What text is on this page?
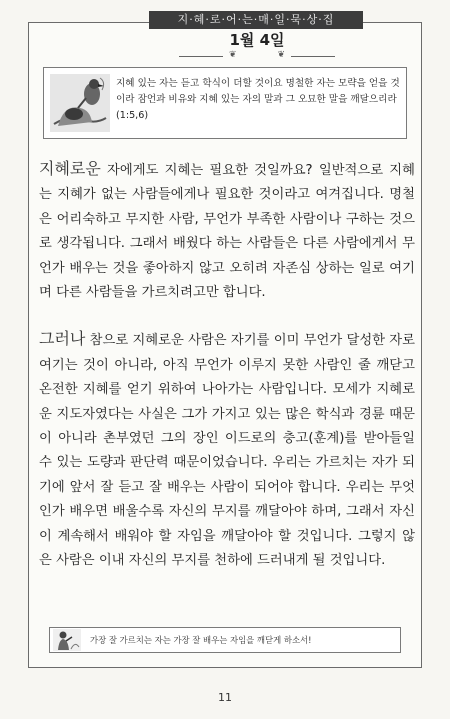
지·혜·로·어·는·매·일·묵·상·집
1월 4일
❦	❦
지혜 있는 자는 듣고 학식이 더할 것이요 명철한 자는 모략을 얻을 것이라 잠언과 비유와 지혜 있는 자의 말과 그 오묘한 말을 깨달으리라(1:5,6)

지혜로운 자에게도 지혜는 필요한 것일까요? 일반적으로 지혜는 지혜가 없는 사람들에게나 필요한 것이라고 여겨집니다. 명철은 어리숙하고 무지한 사람, 무언가 부족한 사람이나 구하는 것으로 생각됩니다. 그래서 배웠다 하는 사람들은 다른 사람에게서 무언가 배우는 것을 좋아하지 않고 오히려 자존심 상하는 일로 여기며 다른 사람들을 가르치려고만 합니다.

그러나 참으로 지혜로운 사람은 자기를 이미 무언가 달성한 자로 여기는 것이 아니라, 아직 무언가 이루지 못한 사람인 줄 깨닫고 온전한 지혜를 얻기 위하여 나아가는 사람입니다. 모세가 지혜로운 지도자였다는 사실은 그가 가지고 있는 많은 학식과 경륜 때문이 아니라 촌부였던 그의 장인 이드로의 충고(훈계)를 받아들일 수 있는 도량과 판단력 때문이었습니다. 우리는 가르치는 자가 되기에 앞서 잘 듣고 잘 배우는 사람이 되어야 합니다. 우리는 무엇인가 배우면 배울수록 자신의 무지를 깨달아야 하며, 그래서 자신이 계속해서 배워야 할 자임을 깨달아야 할 것입니다. 그렇지 않은 사람은 이내 자신의 무지를 천하에 드러내게 될 것입니다.

가장 잘 가르치는 자는 가장 잘 배우는 자임을 깨닫게 하소서!
11
